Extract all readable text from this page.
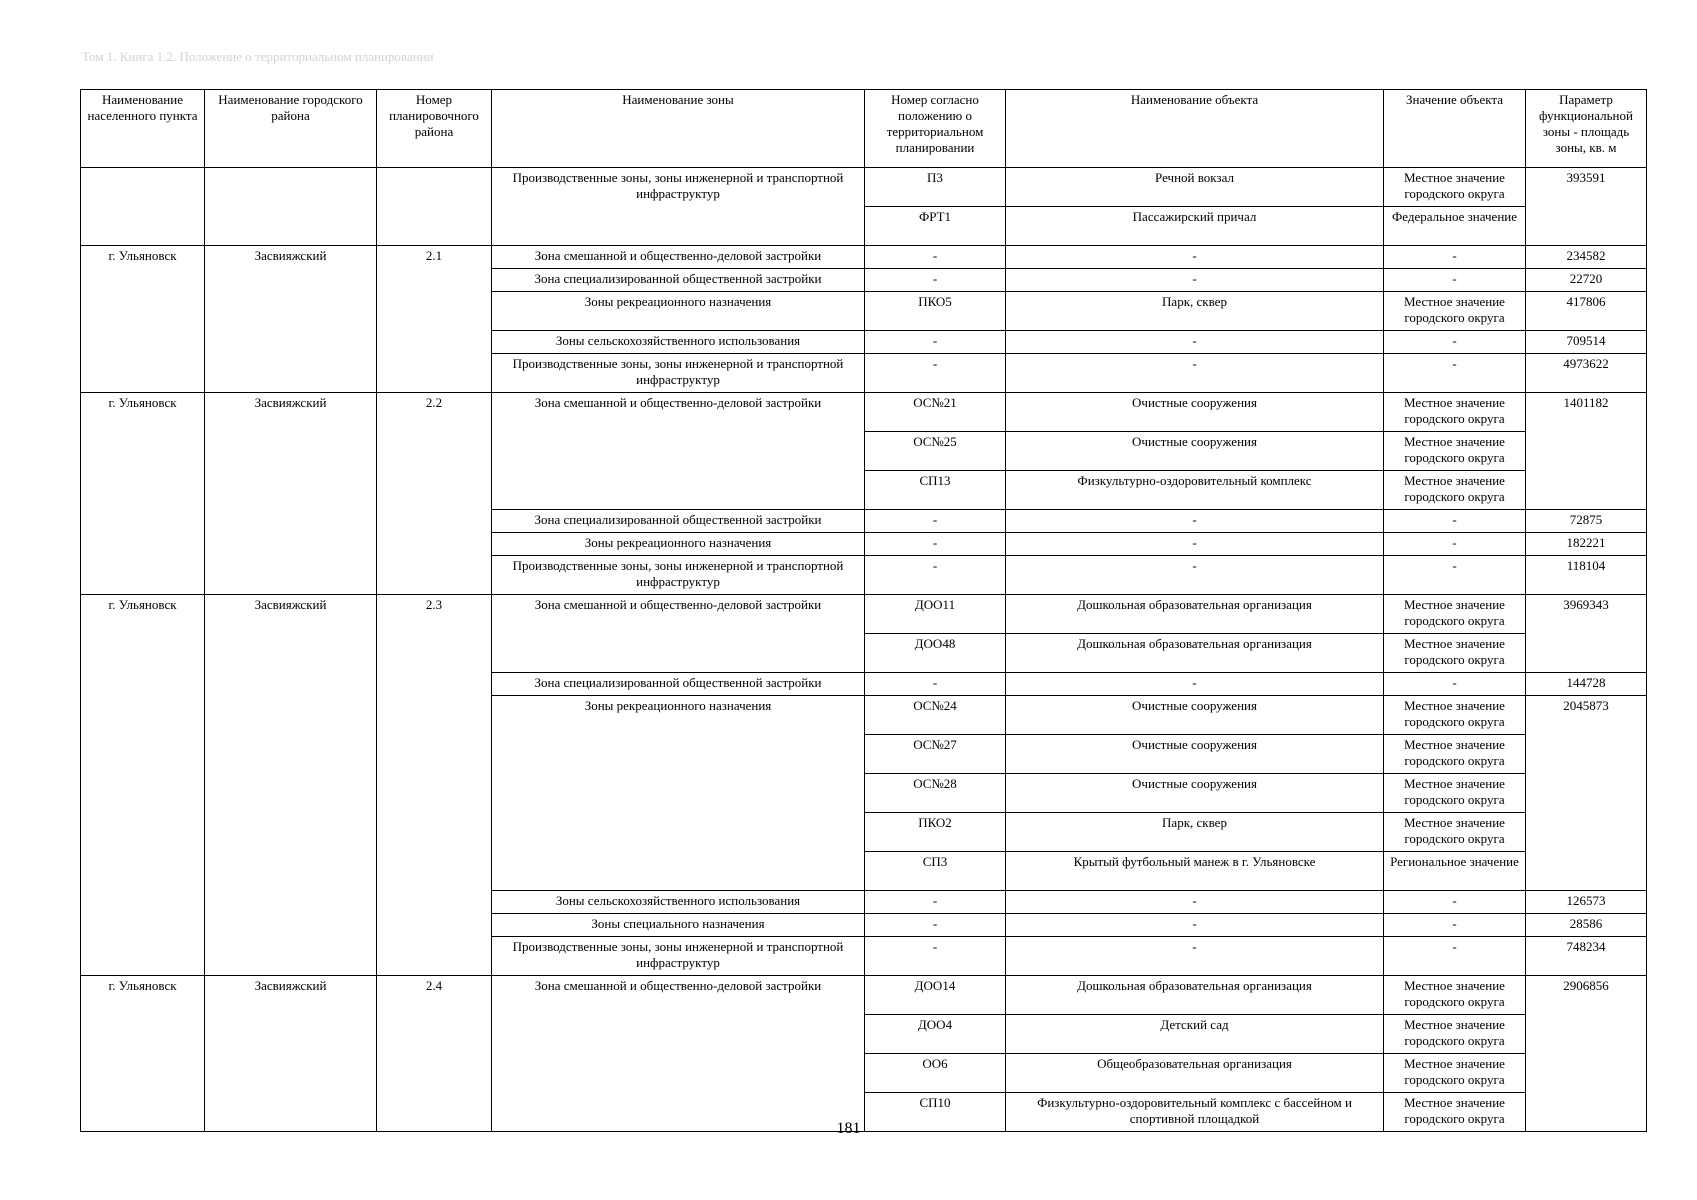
Том 1. Книга 1.2. Положение о территориальном планировании
Наименование населенного пункта	Наименование городского района	Номер планировочного района	Наименование зоны	Номер согласно положению о территориальном планировании	Наименование объекта	Значение объекта	Параметр функциональной зоны - площадь зоны, кв. м
			Производственные зоны, зоны инженерной и транспортной инфраструктур	П3	Речной вокзал	Местное значение городского округа	393591
				ФРТ1	Пассажирский причал	Федеральное значение	
г. Ульяновск	Засвияжский	2.1	Зона смешанной и общественно-деловой застройки	-	-	-	234582
			Зона специализированной общественной застройки	-	-	-	22720
			Зоны рекреационного назначения	ПКО5	Парк, сквер	Местное значение городского округа	417806
			Зоны сельскохозяйственного использования	-	-	-	709514
			Производственные зоны, зоны инженерной и транспортной инфраструктур	-	-	-	4973622
г. Ульяновск	Засвияжский	2.2	Зона смешанной и общественно-деловой застройки	ОС№21	Очистные сооружения	Местное значение городского округа	1401182
				ОС№25	Очистные сооружения	Местное значение городского округа	
				СП13	Физкультурно-оздоровительный комплекс	Местное значение городского округа	
			Зона специализированной общественной застройки	-	-	-	72875
			Зоны рекреационного назначения	-	-	-	182221
			Производственные зоны, зоны инженерной и транспортной инфраструктур	-	-	-	118104
г. Ульяновск	Засвияжский	2.3	Зона смешанной и общественно-деловой застройки	ДОО11	Дошкольная образовательная организация	Местное значение городского округа	3969343
				ДОО48	Дошкольная образовательная организация	Местное значение городского округа	
			Зона специализированной общественной застройки	-	-	-	144728
			Зоны рекреационного назначения	ОС№24	Очистные сооружения	Местное значение городского округа	2045873
				ОС№27	Очистные сооружения	Местное значение городского округа	
				ОС№28	Очистные сооружения	Местное значение городского округа	
				ПКО2	Парк, сквер	Местное значение городского округа	
				СП3	Крытый футбольный манеж в г. Ульяновске	Региональное значение	
			Зоны сельскохозяйственного использования	-	-	-	126573
			Зоны специального назначения	-	-	-	28586
			Производственные зоны, зоны инженерной и транспортной инфраструктур	-	-	-	748234
г. Ульяновск	Засвияжский	2.4	Зона смешанной и общественно-деловой застройки	ДОО14	Дошкольная образовательная организация	Местное значение городского округа	2906856
				ДОО4	Детский сад	Местное значение городского округа	
				ОО6	Общеобразовательная организация	Местное значение городского округа	
				СП10	Физкультурно-оздоровительный комплекс с бассейном и спортивной площадкой	Местное значение городского округа	
181
